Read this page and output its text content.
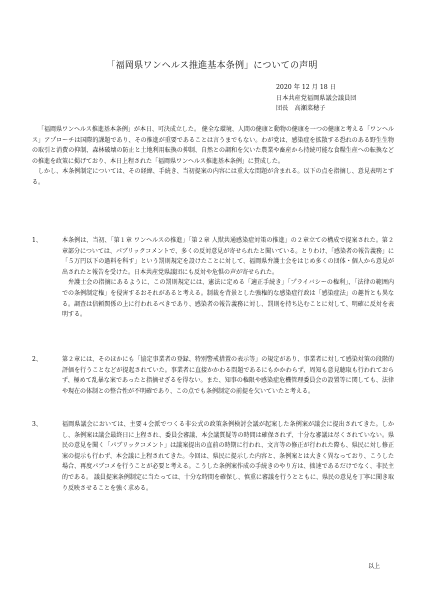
「福岡県ワンヘルス推進基本条例」についての声明
2020 年 12 月 18 日
日本共産党福岡県議会議員団
団長　高瀬菜穂子
「福岡県ワンヘルス推進基本条例」が本日、可決成立した。 健全な環境、人間の健康と動物の健康を一つの健康と考える「ワンヘルス」アプローチは国際的課題であり、その推進が重要であることは言うまでもない。わが党は、感染症を拡散する恐れのある野生生物の取引と消費の抑制、森林破壊の防止と土地利用転換の抑制、自然との調和を欠いた農業や畜産から持続可能な食糧生産への転換などの推進を政策に掲げており、本日上程された「福岡県ワンヘルス推進基本条例」に賛成した。
しかし、本条例制定については、その経緯、手続き、当初提案の内容には重大な問題が含まれる。以下の点を指摘し、意見表明とする。
1、	本条例は、当初、「第１章 ワンヘルスの推進」「第２章 人獣共通感染症対策の推進」の２章立ての構成で提案された。第２章部分については、パブリックコメントで、多くの反対意見が寄せられたと聞いている。とりわけ、「感染者の報告義務」に「５万円以下の過料を科す」という罰則規定を設けたことに対して、福岡県弁護士会をはじめ多くの団体・個人から意見が出されたと報告を受けた。日本共産党県議団にも反対や危惧の声が寄せられた。
弁護士会の指摘にあるように、この罰則規定には、憲法に定める「適正手続き」「プライバシーの権利」、「法律の範囲内での条例制定権」を侵害するおそれがあると考える。制裁を背景とした強権的な感染症行政は「感染症法」の趣旨とも異なる。調査は信頼関係の上に行われるべきであり、感染者の報告義務に対し、罰則を持ち込むことに対して、明確に反対を表明する。
2、	第２章には、そのほかにも「協定事業者の登録、特別警戒措置の表示等」の規定があり、事業者に対して感染対策の段階的評価を行うことなどが提起されていた。事業者に直接かかわる問題であるにもかかわらず、周知も意見聴取も行われておらず、極めて乱暴な案であったと指摘せざるを得ない。また、知事の権限や感染症危機管理委員会の設置等に関しても、法律や現在の体制との整合性が不明確であり、この点でも条例制定の前提を欠いていたと考える。
3、	福岡県議会においては、主要４会派でつくる非公式の政策条例検討会議が起案した条例案が議会に提出されてきた。しかし、条例案は議会最終日に上程され、委員会審議、本会議質疑等の時間は確保されず、十分な審議は尽くされていない。県民の意見を聞く「パブリックコメント」は議案提出の直前の時期に行われ、文言等の修正が行われた際も、県民に対し修正案の提示も行わず、本会議に上程されてきた。今回は、県民に提示した内容と、条例案とは大きく異なっており、こうした場合、再度パブコメを行うことが必要と考える。こうした条例案作成の手続きのやり方は、拙速であるだけでなく、非民主的である。 議員提案条例制定に当たっては、十分な時間を確保し、慎重に審議を行うとともに、県民の意見を丁寧に聞き取り反映させることを強く求める。
以上
